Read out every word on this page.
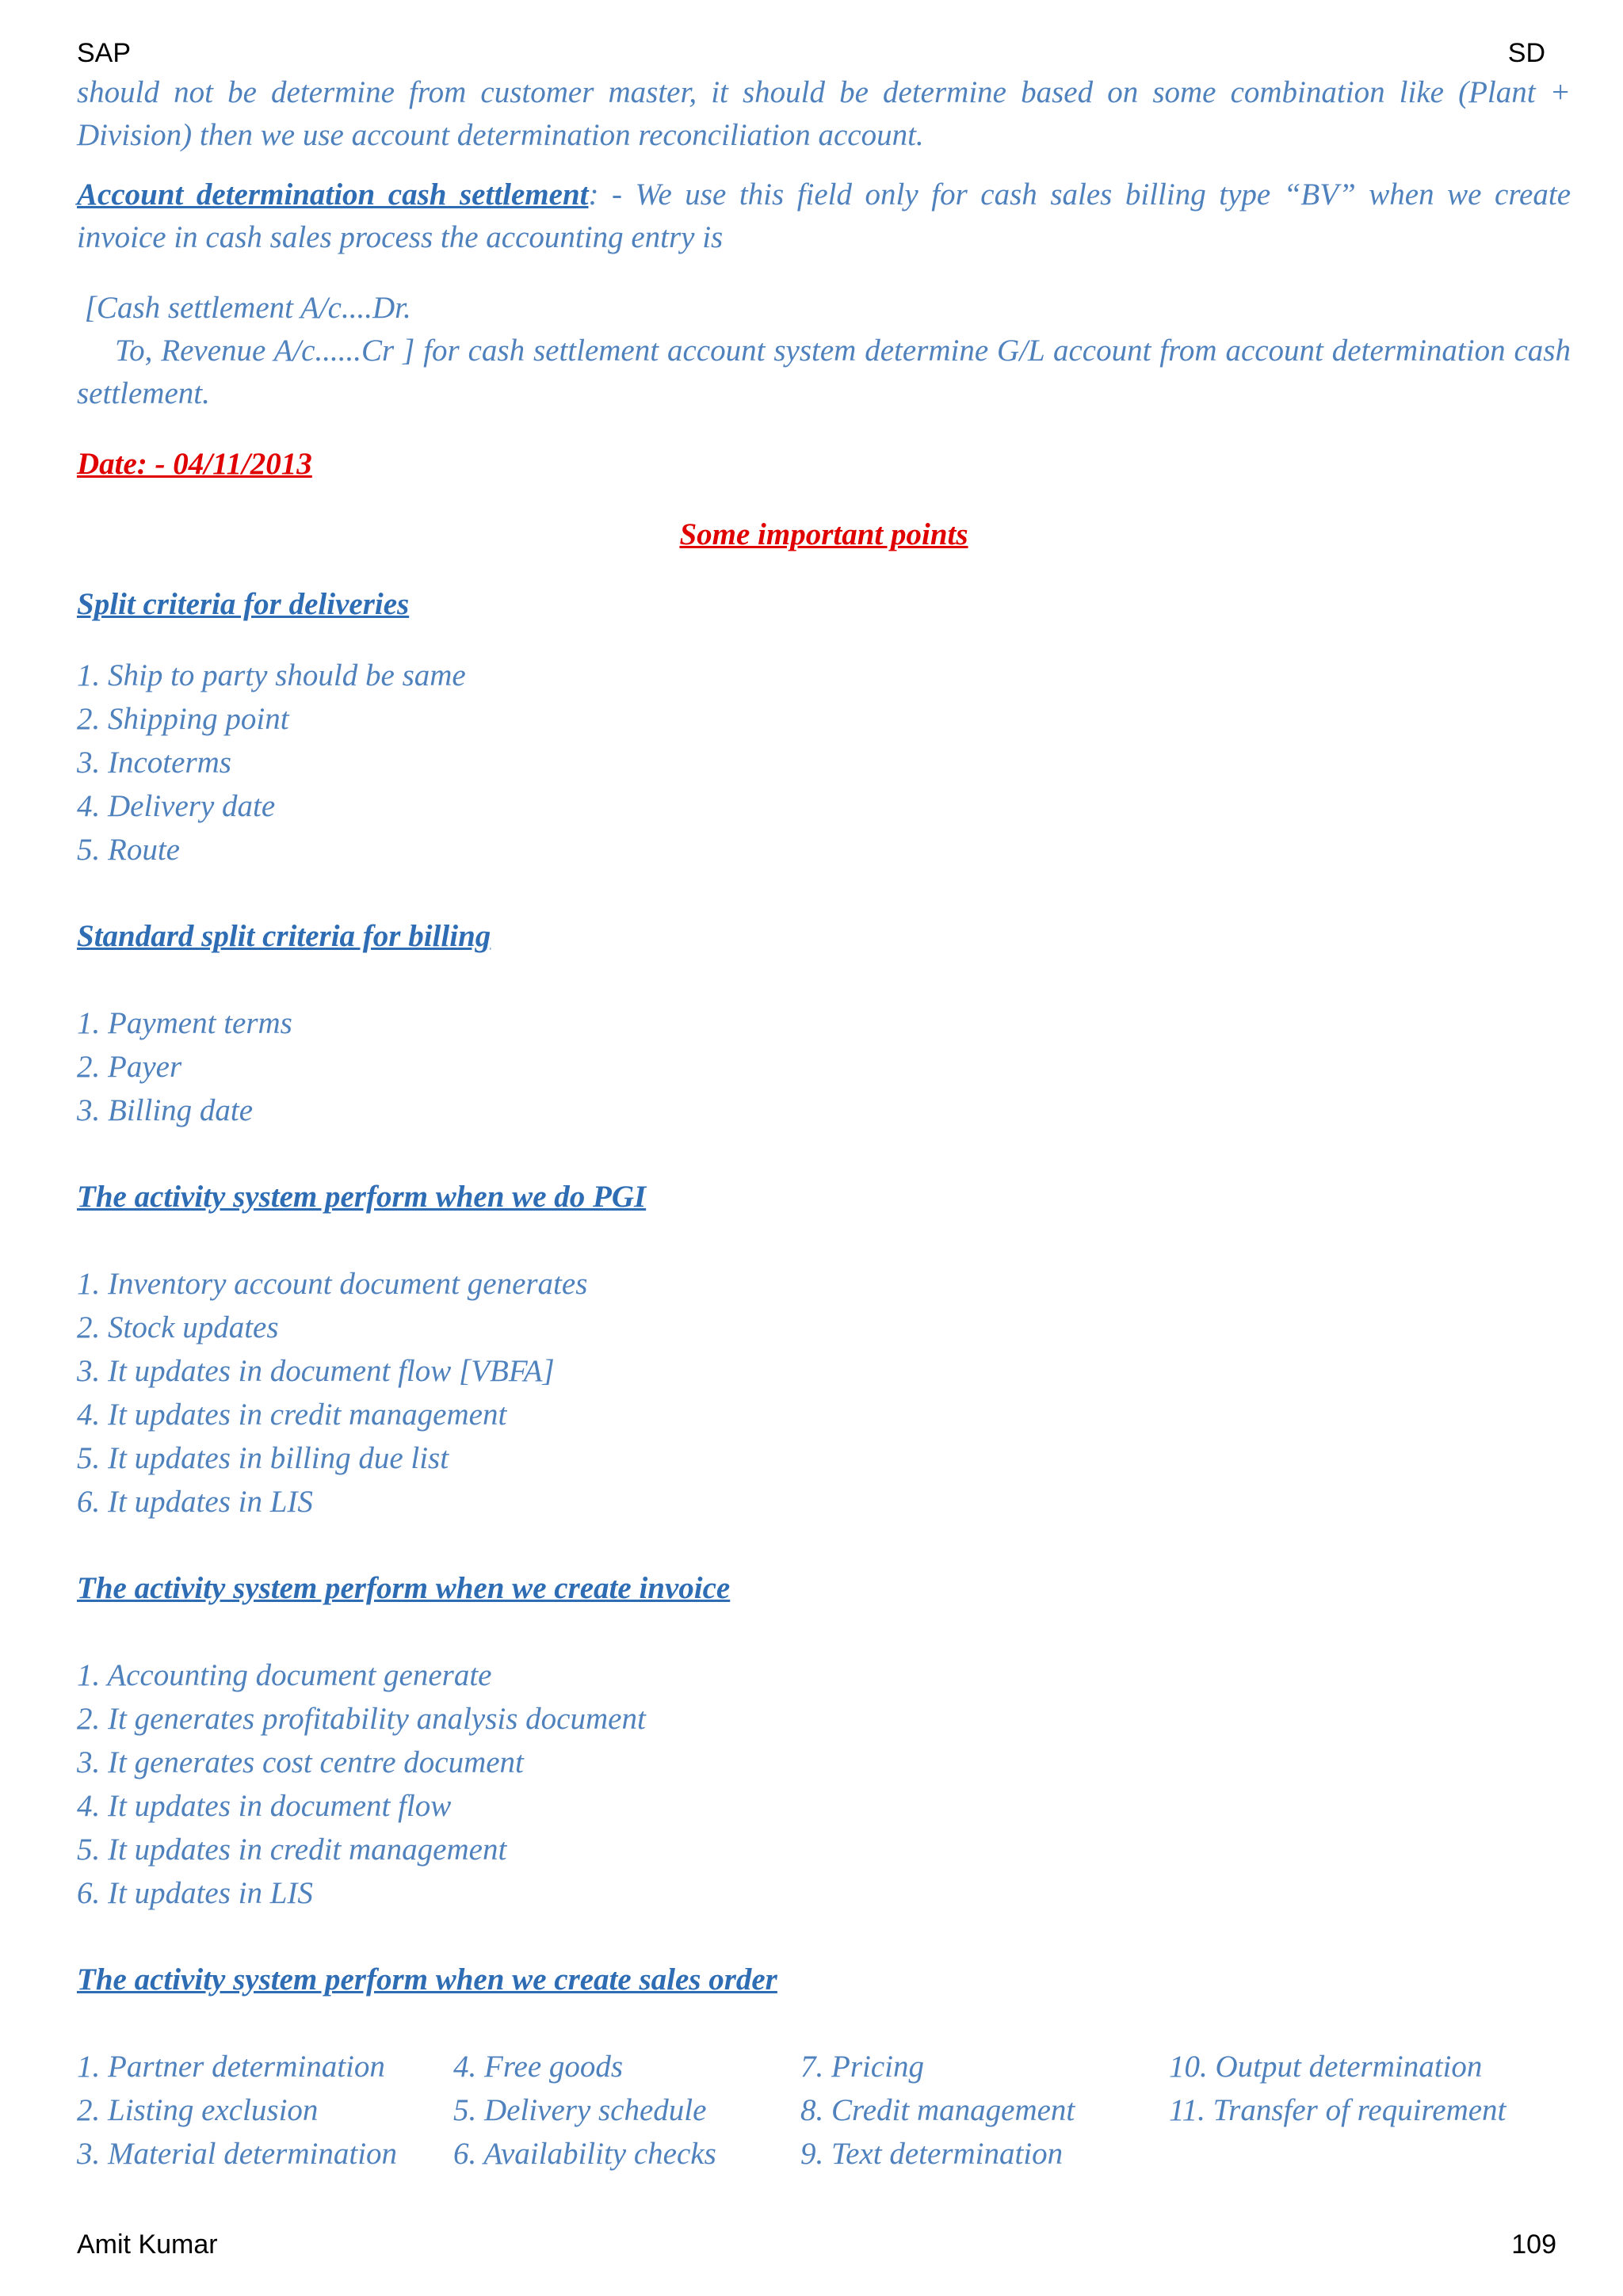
SAP	SD

should not be determine from customer master, it should be determine based on some combination like (Plant + Division) then we use account determination reconciliation account.

Account determination cash settlement: - We use this field only for cash sales billing type “BV” when we create invoice in cash sales process the accounting entry is

[Cash settlement A/c....Dr.

To, Revenue A/c......Cr ] for cash settlement account system determine G/L account from account determination cash settlement.

Date: - 04/11/2013

Some important points

Split criteria for deliveries

1. Ship to party should be same

2. Shipping point

3. Incoterms

4. Delivery date

5. Route

Standard split criteria for billing

1. Payment terms

2. Payer

3. Billing date

The activity system perform when we do PGI

1. Inventory account document generates

2. Stock updates

3. It updates in document flow [VBFA]

4. It updates in credit management

5. It updates in billing due list

6. It updates in LIS

The activity system perform when we create invoice

1. Accounting document generate

2. It generates profitability analysis document

3. It generates cost centre document

4. It updates in document flow

5. It updates in credit management

6. It updates in LIS

The activity system perform when we create sales order

1. Partner determination
2. Listing exclusion
3. Material determination
4. Free goods
5. Delivery schedule
6. Availability checks
7. Pricing
8. Credit management
9. Text determination
10. Output determination
11. Transfer of requirement
Amit Kumar	109
